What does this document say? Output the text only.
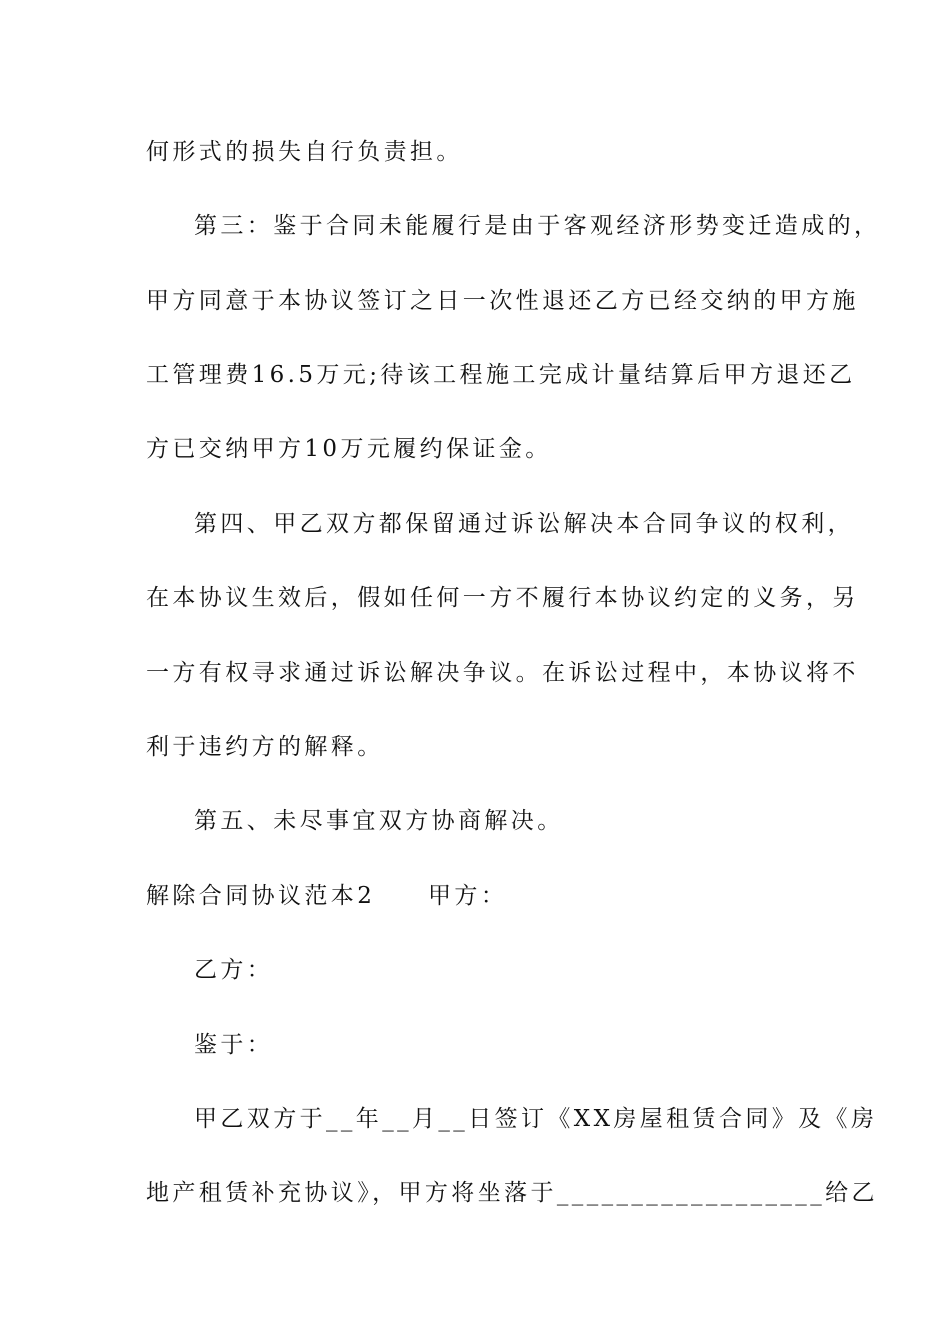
何形式的损失自行负责担。
第三：鉴于合同未能履行是由于客观经济形势变迁造成的，
甲方同意于本协议签订之日一次性退还乙方已经交纳的甲方施
工管理费16.5万元;待该工程施工完成计量结算后甲方退还乙
方已交纳甲方10万元履约保证金。
第四、甲乙双方都保留通过诉讼解决本合同争议的权利，
在本协议生效后，假如任何一方不履行本协议约定的义务，另
一方有权寻求通过诉讼解决争议。在诉讼过程中，本协议将不
利于违约方的解释。
第五、未尽事宜双方协商解决。
解除合同协议范本2　　甲方：
乙方：
鉴于：
甲乙双方于__年__月__日签订《XX房屋租赁合同》及《房
地产租赁补充协议》，甲方将坐落于__________________给乙
